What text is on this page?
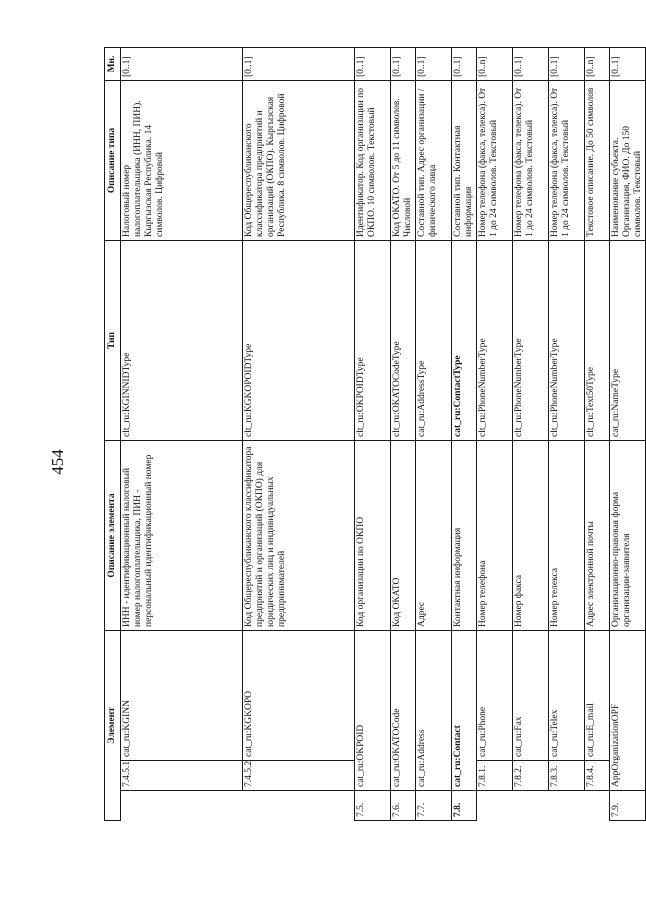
454
Элемент			Описание элемента	Тип	Описание типа	Мн.
	7.4.5.1	cat_ru:KGINN	ИНН - идентификационный налоговый номер налогоплательщика, ПИН - персональный идентификационный номер	clt_ru:KGINNIDType	Налоговый номер налогоплательщика (ИНН, ПИН). Кыргызская Республика. 14 символов. Цифровой	[0..1]
	7.4.5.2	cat_ru:KGKOPO	Код Общереспубликанского классификатора предприятий и организаций (ОКПО) для юридических лиц и индивидуальных предпринимателей	clt_ru:KGKOPOIDType	Код Общереспубликанского классификатора предприятий и организаций (ОКПО). Кыргызская Республика. 8 символов. Цифровой	[0..1]
7.5.	cat_ru:OKPOID		Код организации по ОКПО	clt_ru:OKPOIDType	Идентификатор. Код организации по ОКПО. 10 символов. Текстовый	[0..1]
7.6.	cat_ru:OKATOCode		Код ОКАТО	clt_ru:OKATOCodeType	Код ОКАТО. От 5 до 11 символов. Числовой	[0..1]
7.7.	cat_ru:Address		Адрес	cat_ru:AddressType	Составной тип. Адрес организации / физического лица	[0..1]
7.8.	cat_ru:Contact		Контактная информация	cat_ru:ContactType	Составной тип. Контактная информация	[0..1]
	7.8.1.	cat_ru:Phone	Номер телефона	clt_ru:PhoneNumberType	Номер телефона (факса, телекса). От 1 до 24 символов. Текстовый	[0..n]
	7.8.2.	cat_ru:Fax	Номер факса	clt_ru:PhoneNumberType	Номер телефона (факса, телекса). От 1 до 24 символов. Текстовый	[0..1]
	7.8.3.	cat_ru:Telex	Номер телекса	clt_ru:PhoneNumberType	Номер телефона (факса, телекса). От 1 до 24 символов. Текстовый	[0..1]
	7.8.4.	cat_ru:E_mail	Адрес электронной почты	clt_ru:Text50Type	Текстовое описание. До 50 символов	[0..n]
7.9.	AppOrganizationOPF		Организационно-правовая форма организации-заявителя	cat_ru:NameType	Наименование субъекта. Организация, ФИО. До 150 символов. Текстовый	[0..1]
